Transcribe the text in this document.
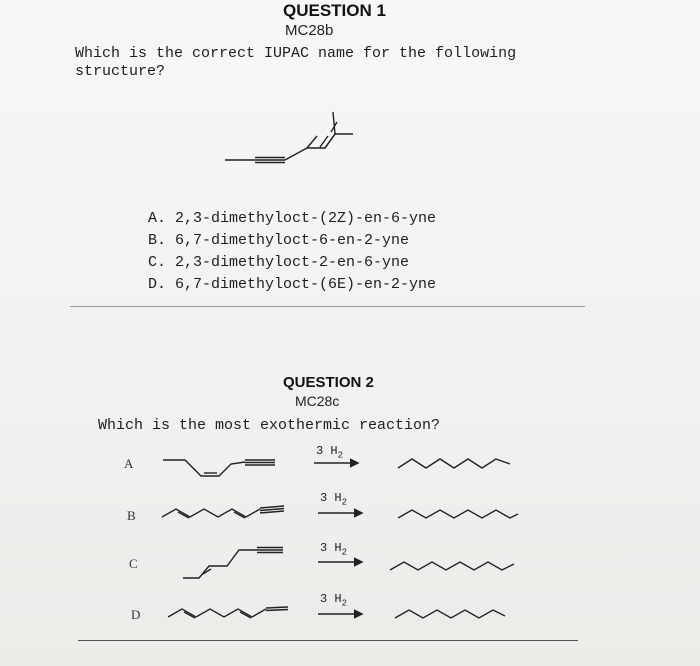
QUESTION 1
MC28b
Which is the correct IUPAC name for the following
structure?
A. 2,3-dimethyloct-(2Z)-en-6-yne
B. 6,7-dimethyloct-6-en-2-yne
C. 2,3-dimethyloct-2-en-6-yne
D. 6,7-dimethyloct-(6E)-en-2-yne
QUESTION 2
MC28c
Which is the most exothermic reaction?
A
3 $H_2$
B
3 $H_2$
C
3 $H_2$
D
3 $H_2$
